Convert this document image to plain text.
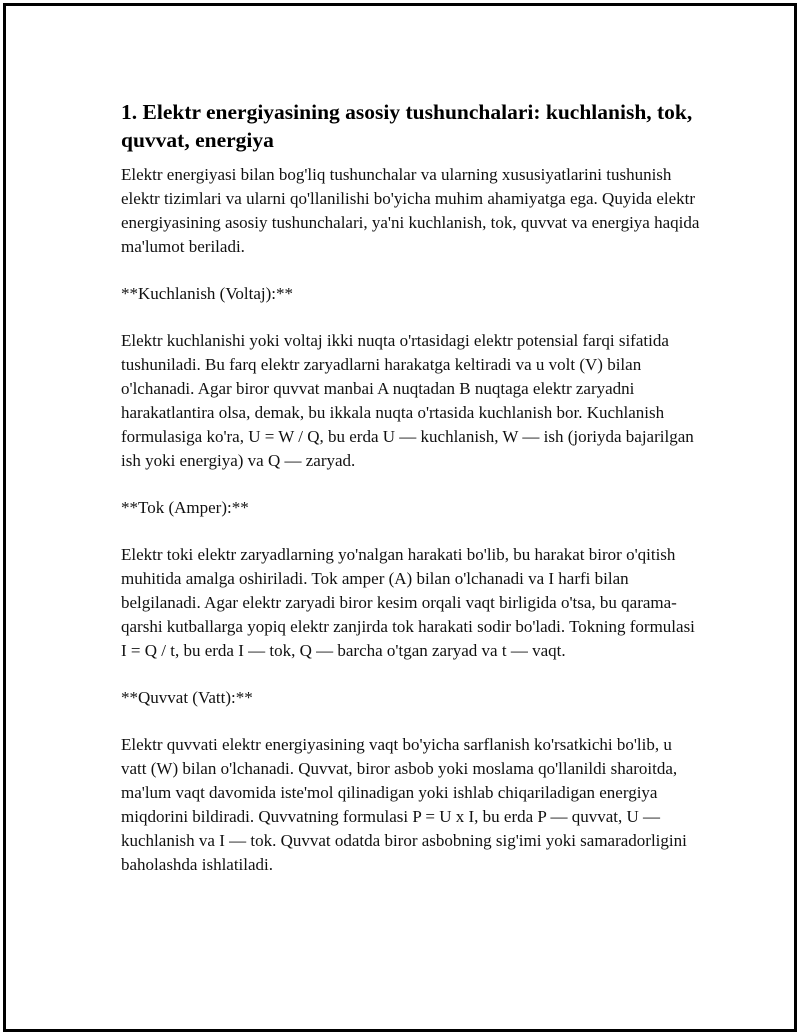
1. Elektr energiyasining asosiy tushunchalari: kuchlanish, tok, quvvat, energiya

Elektr energiyasi bilan bog'liq tushunchalar va ularning xususiyatlarini tushunish elektr tizimlari va ularni qo'llanilishi bo'yicha muhim ahamiyatga ega. Quyida elektr energiyasining asosiy tushunchalari, ya'ni kuchlanish, tok, quvvat va energiya haqida ma'lumot beriladi.

**Kuchlanish (Voltaj):**

Elektr kuchlanishi yoki voltaj ikki nuqta o'rtasidagi elektr potensial farqi sifatida tushuniladi. Bu farq elektr zaryadlarni harakatga keltiradi va u volt (V) bilan o'lchanadi. Agar biror quvvat manbai A nuqtadan B nuqtaga elektr zaryadni harakatlantira olsa, demak, bu ikkala nuqta o'rtasida kuchlanish bor. Kuchlanish formulasiga ko'ra, U = W / Q, bu erda U — kuchlanish, W — ish (joriyda bajarilgan ish yoki energiya) va Q — zaryad.

**Tok (Amper):**

Elektr toki elektr zaryadlarning yo'nalgan harakati bo'lib, bu harakat biror o'qitish muhitida amalga oshiriladi. Tok amper (A) bilan o'lchanadi va I harfi bilan belgilanadi. Agar elektr zaryadi biror kesim orqali vaqt birligida o'tsa, bu qarama-qarshi kutballarga yopiq elektr zanjirda tok harakati sodir bo'ladi. Tokning formulasi I = Q / t, bu erda I — tok, Q — barcha o'tgan zaryad va t — vaqt.

**Quvvat (Vatt):**

Elektr quvvati elektr energiyasining vaqt bo'yicha sarflanish ko'rsatkichi bo'lib, u vatt (W) bilan o'lchanadi. Quvvat, biror asbob yoki moslama qo'llanildi sharoitda, ma'lum vaqt davomida iste'mol qilinadigan yoki ishlab chiqariladigan energiya miqdorini bildiradi. Quvvatning formulasi P = U x I, bu erda P — quvvat, U — kuchlanish va I — tok. Quvvat odatda biror asbobning sig'imi yoki samaradorligini baholashda ishlatiladi.
